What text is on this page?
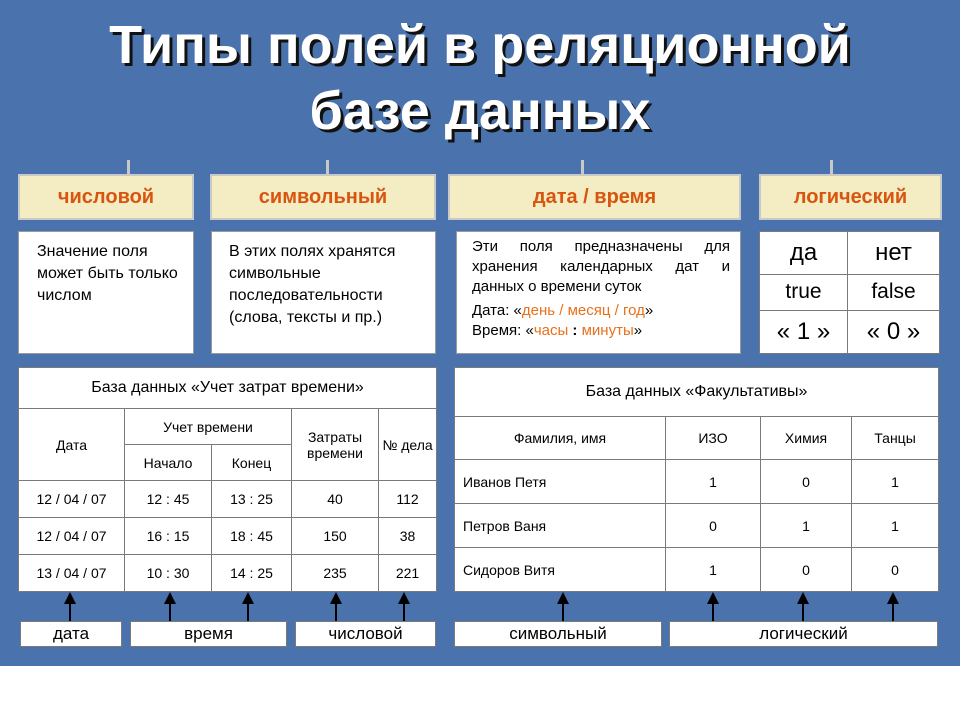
Типы полей в реляционной
базе данных
числовой	символьный	дата / время	логический
Значение поля может быть только числом
В этих полях хранятся символьные последовательности (слова, тексты и пр.)
Эти поля предназначены для хранения календарных дат и данных о времени суток
Дата: «день / месяц / год»
Время: «часы : минуты»
да	нет
true	false
« 1 »	« 0 »
База данных «Учет затрат времени»				
Дата	Учет времени		Затраты времени	№ дела
	Начало	Конец		
12 / 04 / 07	12 : 45	13 : 25	40	112
12 / 04 / 07	16 : 15	18 : 45	150	38
13 / 04 / 07	10 : 30	14 : 25	235	221
База данных «Факультативы»			
Фамилия, имя	ИЗО	Химия	Танцы
Иванов Петя	1	0	1
Петров Ваня	0	1	1
Сидоров Витя	1	0	0
дата	время	числовой	символьный	логический
